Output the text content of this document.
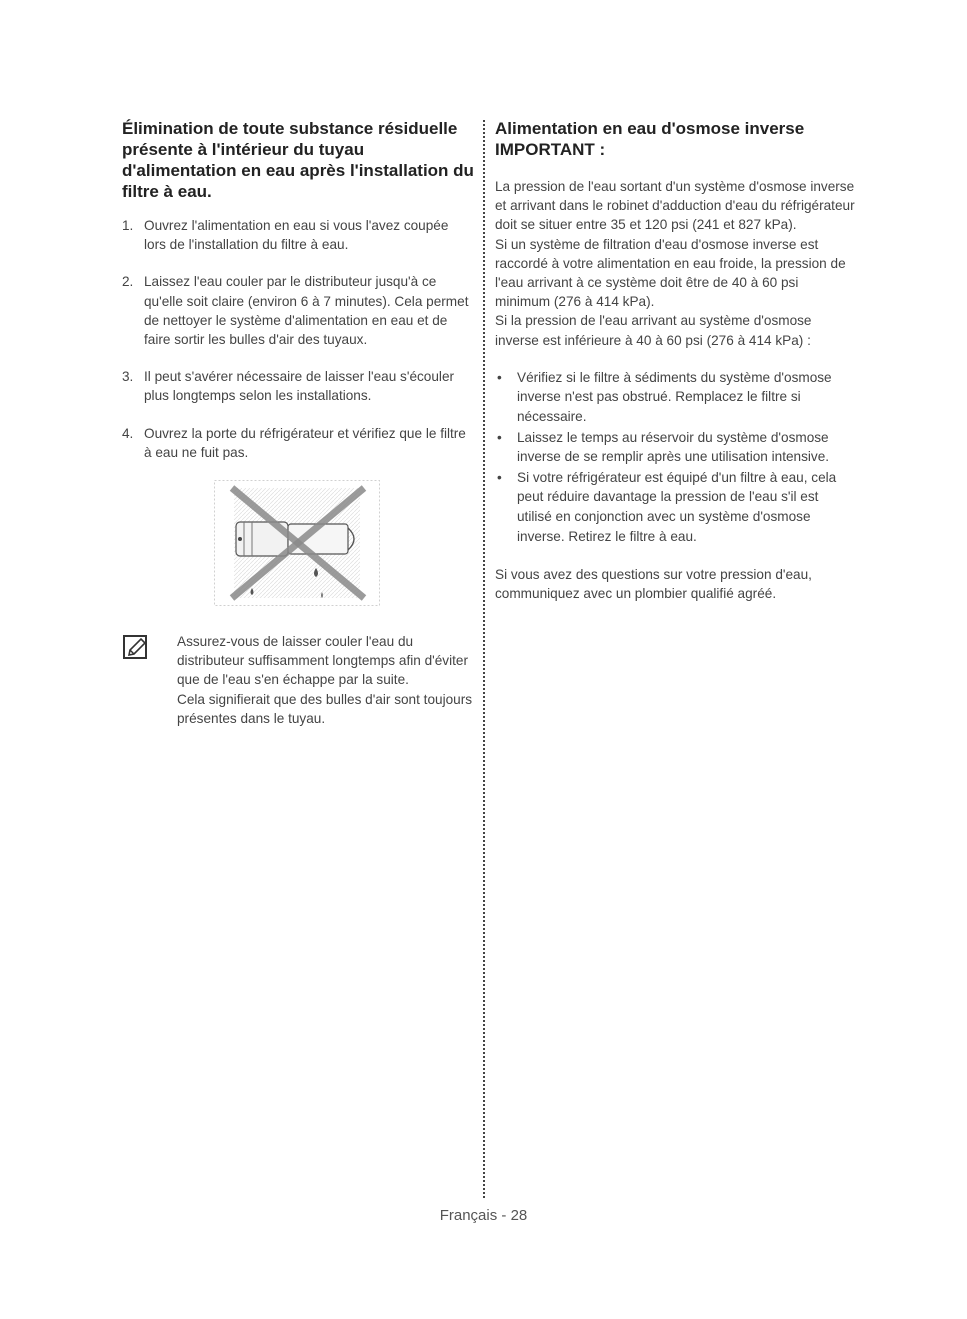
Élimination de toute substance résiduelle présente à l'intérieur du tuyau d'alimentation en eau après l'installation du filtre à eau.
1. Ouvrez l'alimentation en eau si vous l'avez coupée lors de l'installation du filtre à eau.
2. Laissez l'eau couler par le distributeur jusqu'à ce qu'elle soit claire (environ 6 à 7 minutes). Cela permet de nettoyer le système d'alimentation en eau et de faire sortir les bulles d'air des tuyaux.
3. Il peut s'avérer nécessaire de laisser l'eau s'écouler plus longtemps selon les installations.
4. Ouvrez la porte du réfrigérateur et vérifiez que le filtre à eau ne fuit pas.

Assurez-vous de laisser couler l'eau du distributeur suffisamment longtemps afin d'éviter que de l'eau s'en échappe par la suite.

Cela signifierait que des bulles d'air sont toujours présentes dans le tuyau.

Alimentation en eau d'osmose inverse
IMPORTANT :

La pression de l'eau sortant d'un système d'osmose inverse et arrivant dans le robinet d'adduction d'eau du réfrigérateur doit se situer entre 35 et 120 psi (241 et 827 kPa).

Si un système de filtration d'eau d'osmose inverse est raccordé à votre alimentation en eau froide, la pression de l'eau arrivant à ce système doit être de 40 à 60 psi minimum (276 à 414 kPa).

Si la pression de l'eau arrivant au système d'osmose inverse est inférieure à 40 à 60 psi (276 à 414 kPa) :

• Vérifiez si le filtre à sédiments du système d'osmose inverse n'est pas obstrué. Remplacez le filtre si nécessaire.
• Laissez le temps au réservoir du système d'osmose inverse de se remplir après une utilisation intensive.
• Si votre réfrigérateur est équipé d'un filtre à eau, cela peut réduire davantage la pression de l'eau s'il est utilisé en conjonction avec un système d'osmose inverse. Retirez le filtre à eau.

Si vous avez des questions sur votre pression d'eau, communiquez avec un plombier qualifié agréé.

Français - 28
